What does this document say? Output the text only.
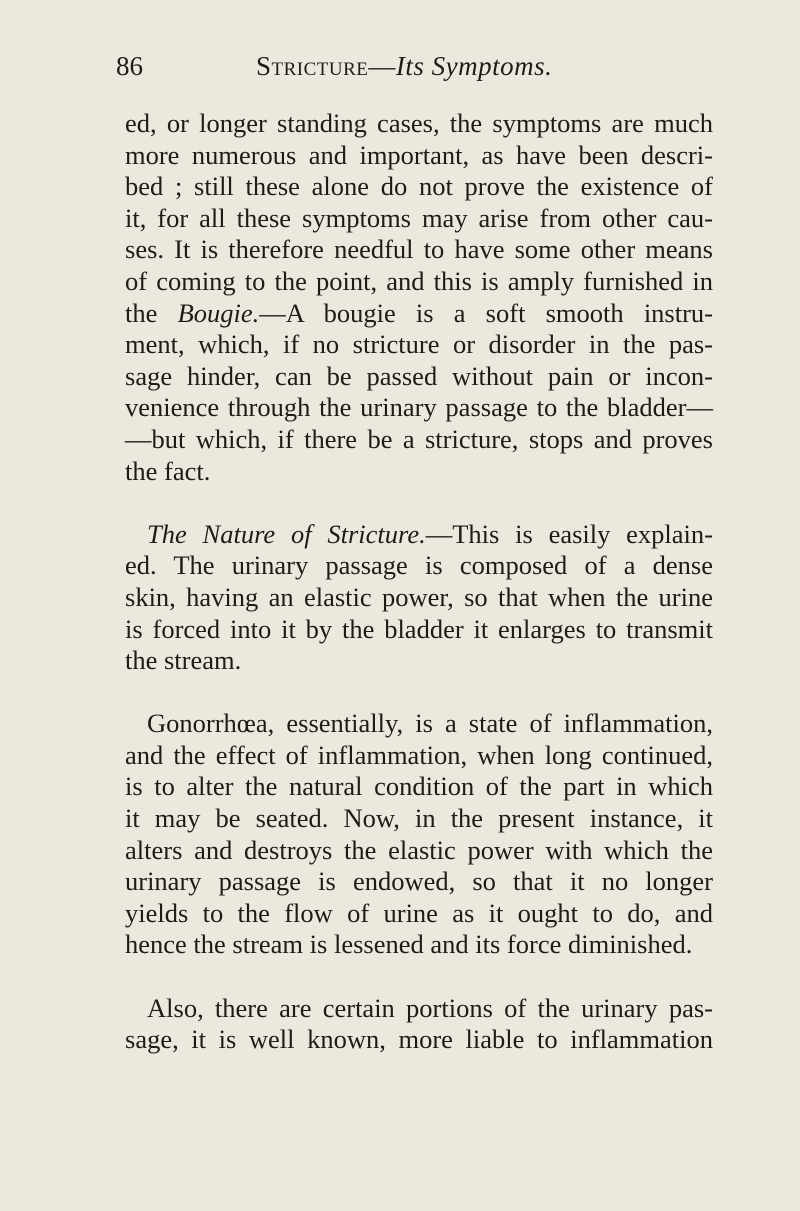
86	Stricture—Its Symptoms.
ed, or longer standing cases, the symptoms are much
more numerous and important, as have been descri-
bed ; still these alone do not prove the existence of
it, for all these symptoms may arise from other cau-
ses. It is therefore needful to have some other means
of coming to the point, and this is amply furnished in
the Bougie.—A bougie is a soft smooth instru-
ment, which, if no stricture or disorder in the pas-
sage hinder, can be passed without pain or incon-
venience through the urinary passage to the bladder—
—but which, if there be a stricture, stops and proves
the fact.
The Nature of Stricture.—This is easily explain-
ed. The urinary passage is composed of a dense
skin, having an elastic power, so that when the urine
is forced into it by the bladder it enlarges to transmit
the stream.
Gonorrhœa, essentially, is a state of inflammation,
and the effect of inflammation, when long continued,
is to alter the natural condition of the part in which
it may be seated. Now, in the present instance, it
alters and destroys the elastic power with which the
urinary passage is endowed, so that it no longer
yields to the flow of urine as it ought to do, and
hence the stream is lessened and its force diminished.
Also, there are certain portions of the urinary pas-
sage, it is well known, more liable to inflammation
